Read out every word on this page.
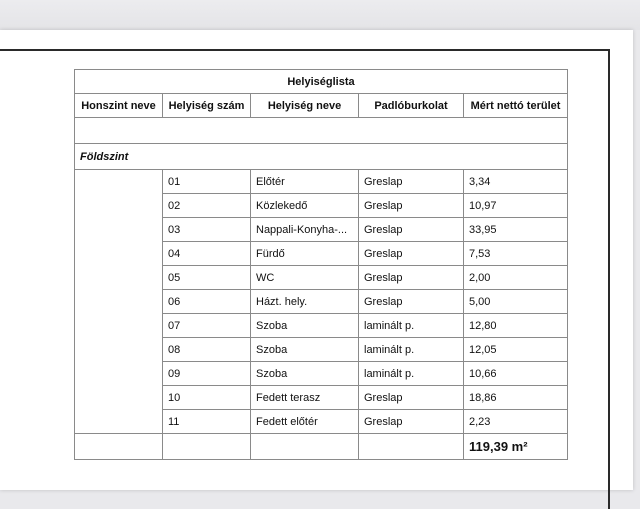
Helyiséglista				
Honszint neve	Helyiség szám	Helyiség neve	Padlóburkolat	Mért nettó terület

Földszint				
	01	Előtér	Greslap	3,34
	02	Közlekedő	Greslap	10,97
	03	Nappali-Konyha-...	Greslap	33,95
	04	Fürdő	Greslap	7,53
	05	WC	Greslap	2,00
	06	Házt. hely.	Greslap	5,00
	07	Szoba	laminált p.	12,80
	08	Szoba	laminált p.	12,05
	09	Szoba	laminált p.	10,66
	10	Fedett terasz	Greslap	18,86
	11	Fedett előtér	Greslap	2,23
				119,39 m²
